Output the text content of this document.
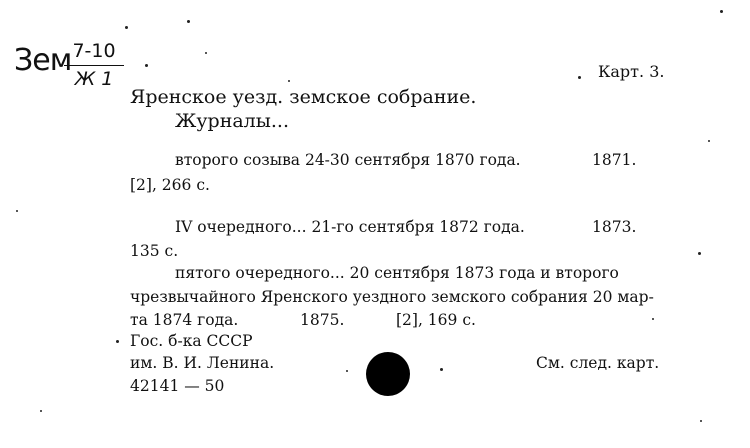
Зем 7-10
Ж 1	Карт. 3.
Яренское уезд. земское собрание.
Журналы...
второго созыва 24-30 сентября 1870 года.	1871.
[2], 266 с.
IV очередного... 21-го сентября 1872 года.	1873.
135 с.
пятого очередного... 20 сентября 1873 года и второго
чрезвычайного Яренского уездного земского собрания 20 мар-
та 1874 года.	1875.	[2], 169 с.
Гос. б-ка СССР
им. В. И. Ленина.
42141 — 50
См. след. карт.
